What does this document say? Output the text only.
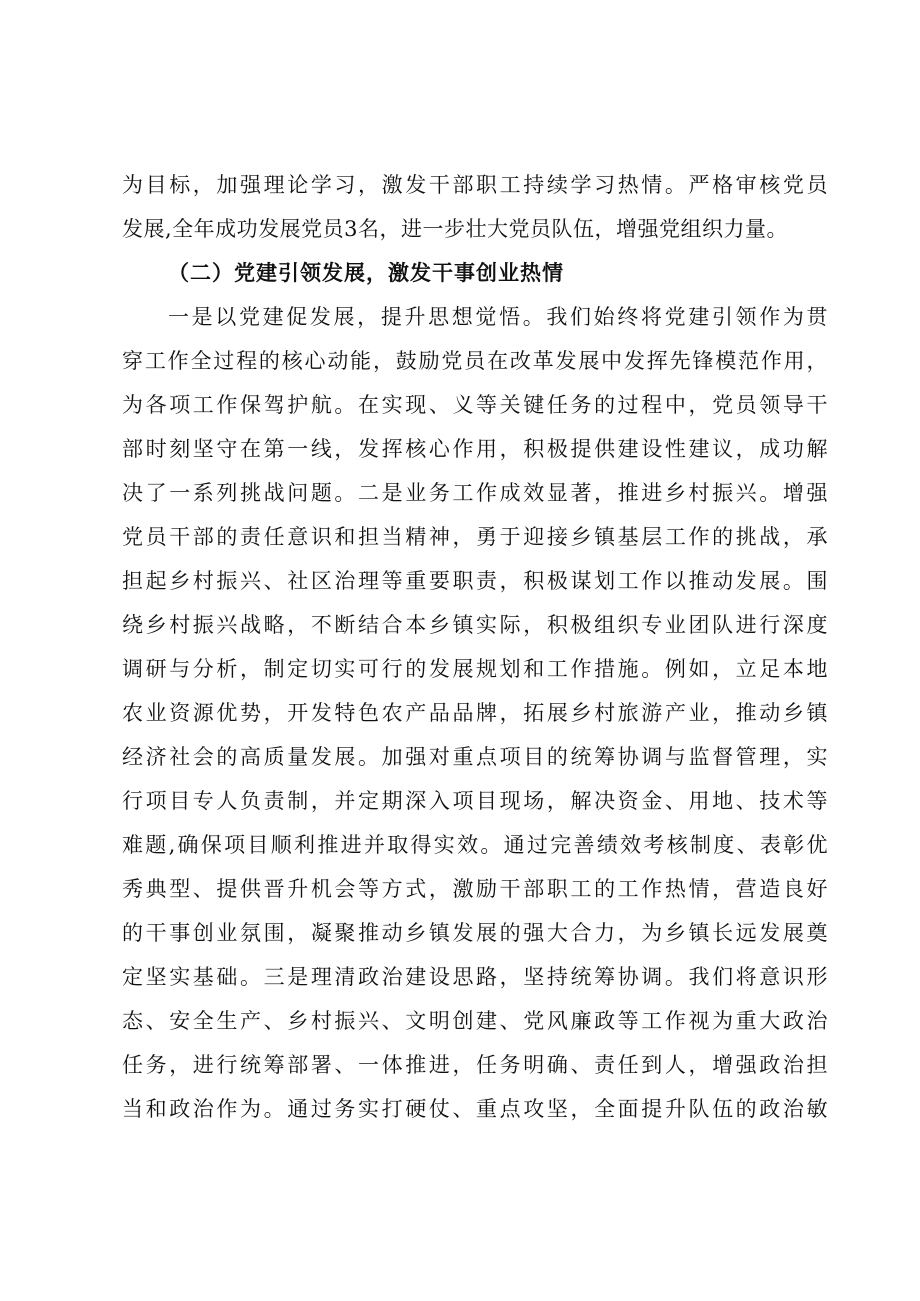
为目标，加强理论学习，激发干部职工持续学习热情。严格审核党员
发展,全年成功发展党员3名，进一步壮大党员队伍，增强党组织力量。
（二）党建引领发展，激发干事创业热情
一是以党建促发展，提升思想觉悟。我们始终将党建引领作为贯
穿工作全过程的核心动能，鼓励党员在改革发展中发挥先锋模范作用，
为各项工作保驾护航。在实现、义等关键任务的过程中，党员领导干
部时刻坚守在第一线，发挥核心作用，积极提供建设性建议，成功解
决了一系列挑战问题。二是业务工作成效显著，推进乡村振兴。增强
党员干部的责任意识和担当精神，勇于迎接乡镇基层工作的挑战，承
担起乡村振兴、社区治理等重要职责，积极谋划工作以推动发展。围
绕乡村振兴战略，不断结合本乡镇实际，积极组织专业团队进行深度
调研与分析，制定切实可行的发展规划和工作措施。例如，立足本地
农业资源优势，开发特色农产品品牌，拓展乡村旅游产业，推动乡镇
经济社会的高质量发展。加强对重点项目的统筹协调与监督管理，实
行项目专人负责制，并定期深入项目现场，解决资金、用地、技术等
难题,确保项目顺利推进并取得实效。通过完善绩效考核制度、表彰优
秀典型、提供晋升机会等方式，激励干部职工的工作热情，营造良好
的干事创业氛围，凝聚推动乡镇发展的强大合力，为乡镇长远发展奠
定坚实基础。三是理清政治建设思路，坚持统筹协调。我们将意识形
态、安全生产、乡村振兴、文明创建、党风廉政等工作视为重大政治
任务，进行统筹部署、一体推进，任务明确、责任到人，增强政治担
当和政治作为。通过务实打硬仗、重点攻坚，全面提升队伍的政治敏
